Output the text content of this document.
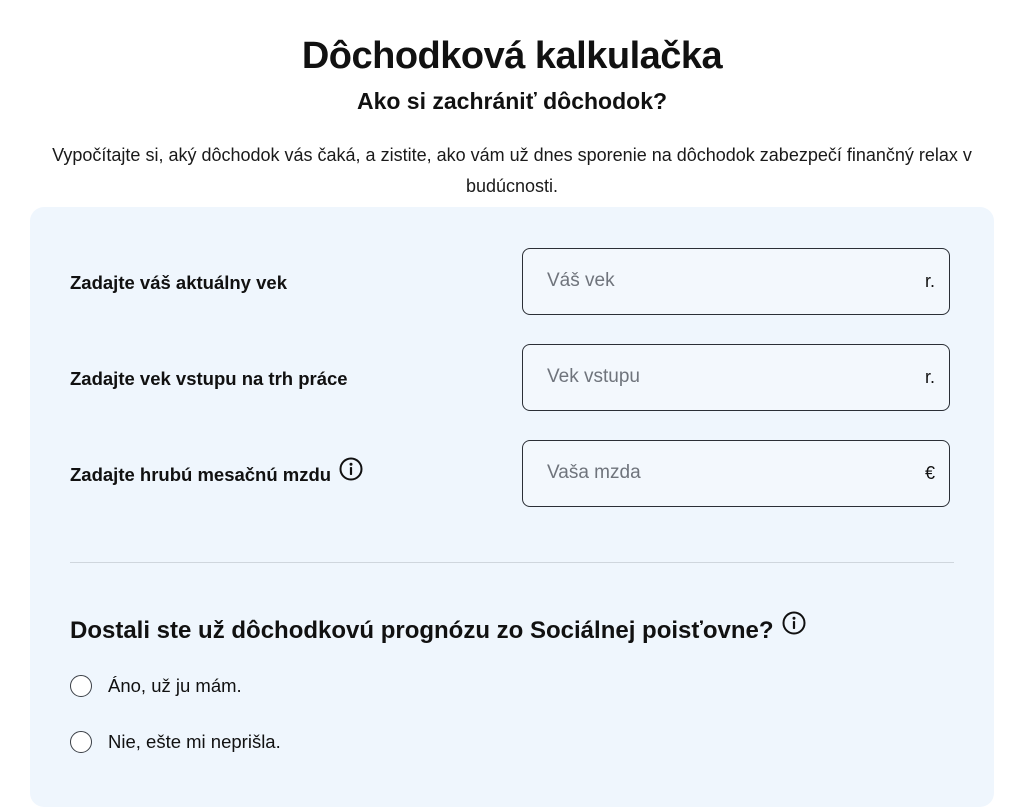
Dôchodková kalkulačka
Ako si zachrániť dôchodok?

Vypočítajte si, aký dôchodok vás čaká, a zistite, ako vám už dnes sporenie na dôchodok zabezpečí finančný relax v budúcnosti.

Zadajte váš aktuálny vek
Váš vek	r.
Zadajte vek vstupu na trh práce
Vek vstupu	r.
Zadajte hrubú mesačnú mzdu
Vaša mzda	€
Dostali ste už dôchodkovú prognózu zo Sociálnej poisťovne?
Áno, už ju mám.
Nie, ešte mi neprišla.
